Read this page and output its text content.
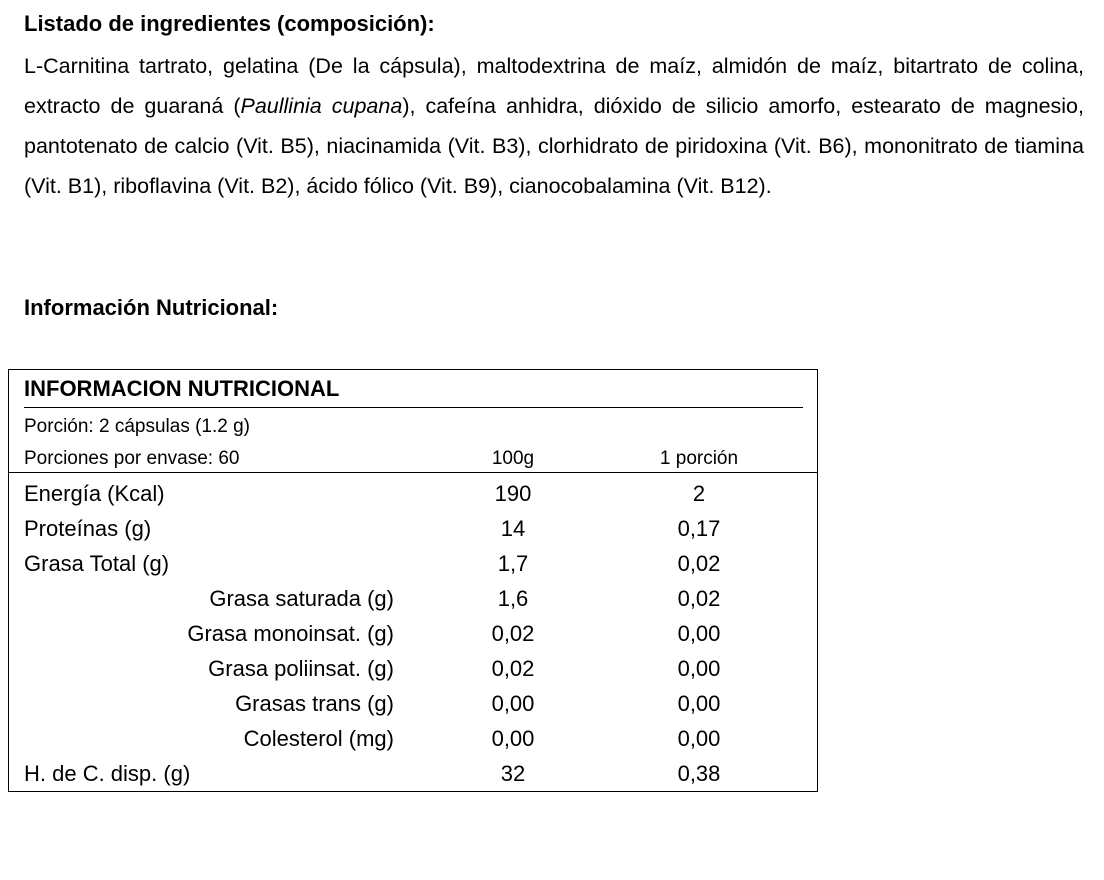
Listado de ingredientes (composición):

L-Carnitina tartrato, gelatina (De la cápsula), maltodextrina de maíz, almidón de maíz, bitartrato de colina, extracto de guaraná (Paullinia cupana), cafeína anhidra, dióxido de silicio amorfo, estearato de magnesio, pantotenato de calcio (Vit. B5), niacinamida (Vit. B3), clorhidrato de piridoxina (Vit. B6), mononitrato de tiamina (Vit. B1), riboflavina (Vit. B2), ácido fólico (Vit. B9), cianocobalamina (Vit. B12).

Información Nutricional:
INFORMACION NUTRICIONAL
Porción: 2 cápsulas (1.2 g)
Porciones por envase: 60	100g	1 porción
Energía (Kcal)	190	2
Proteínas (g)	14	0,17
Grasa Total (g)	1,7	0,02
Grasa saturada (g)	1,6	0,02
Grasa monoinsat. (g)	0,02	0,00
Grasa poliinsat. (g)	0,02	0,00
Grasas trans (g)	0,00	0,00
Colesterol (mg)	0,00	0,00
H. de C. disp. (g)	32	0,38
